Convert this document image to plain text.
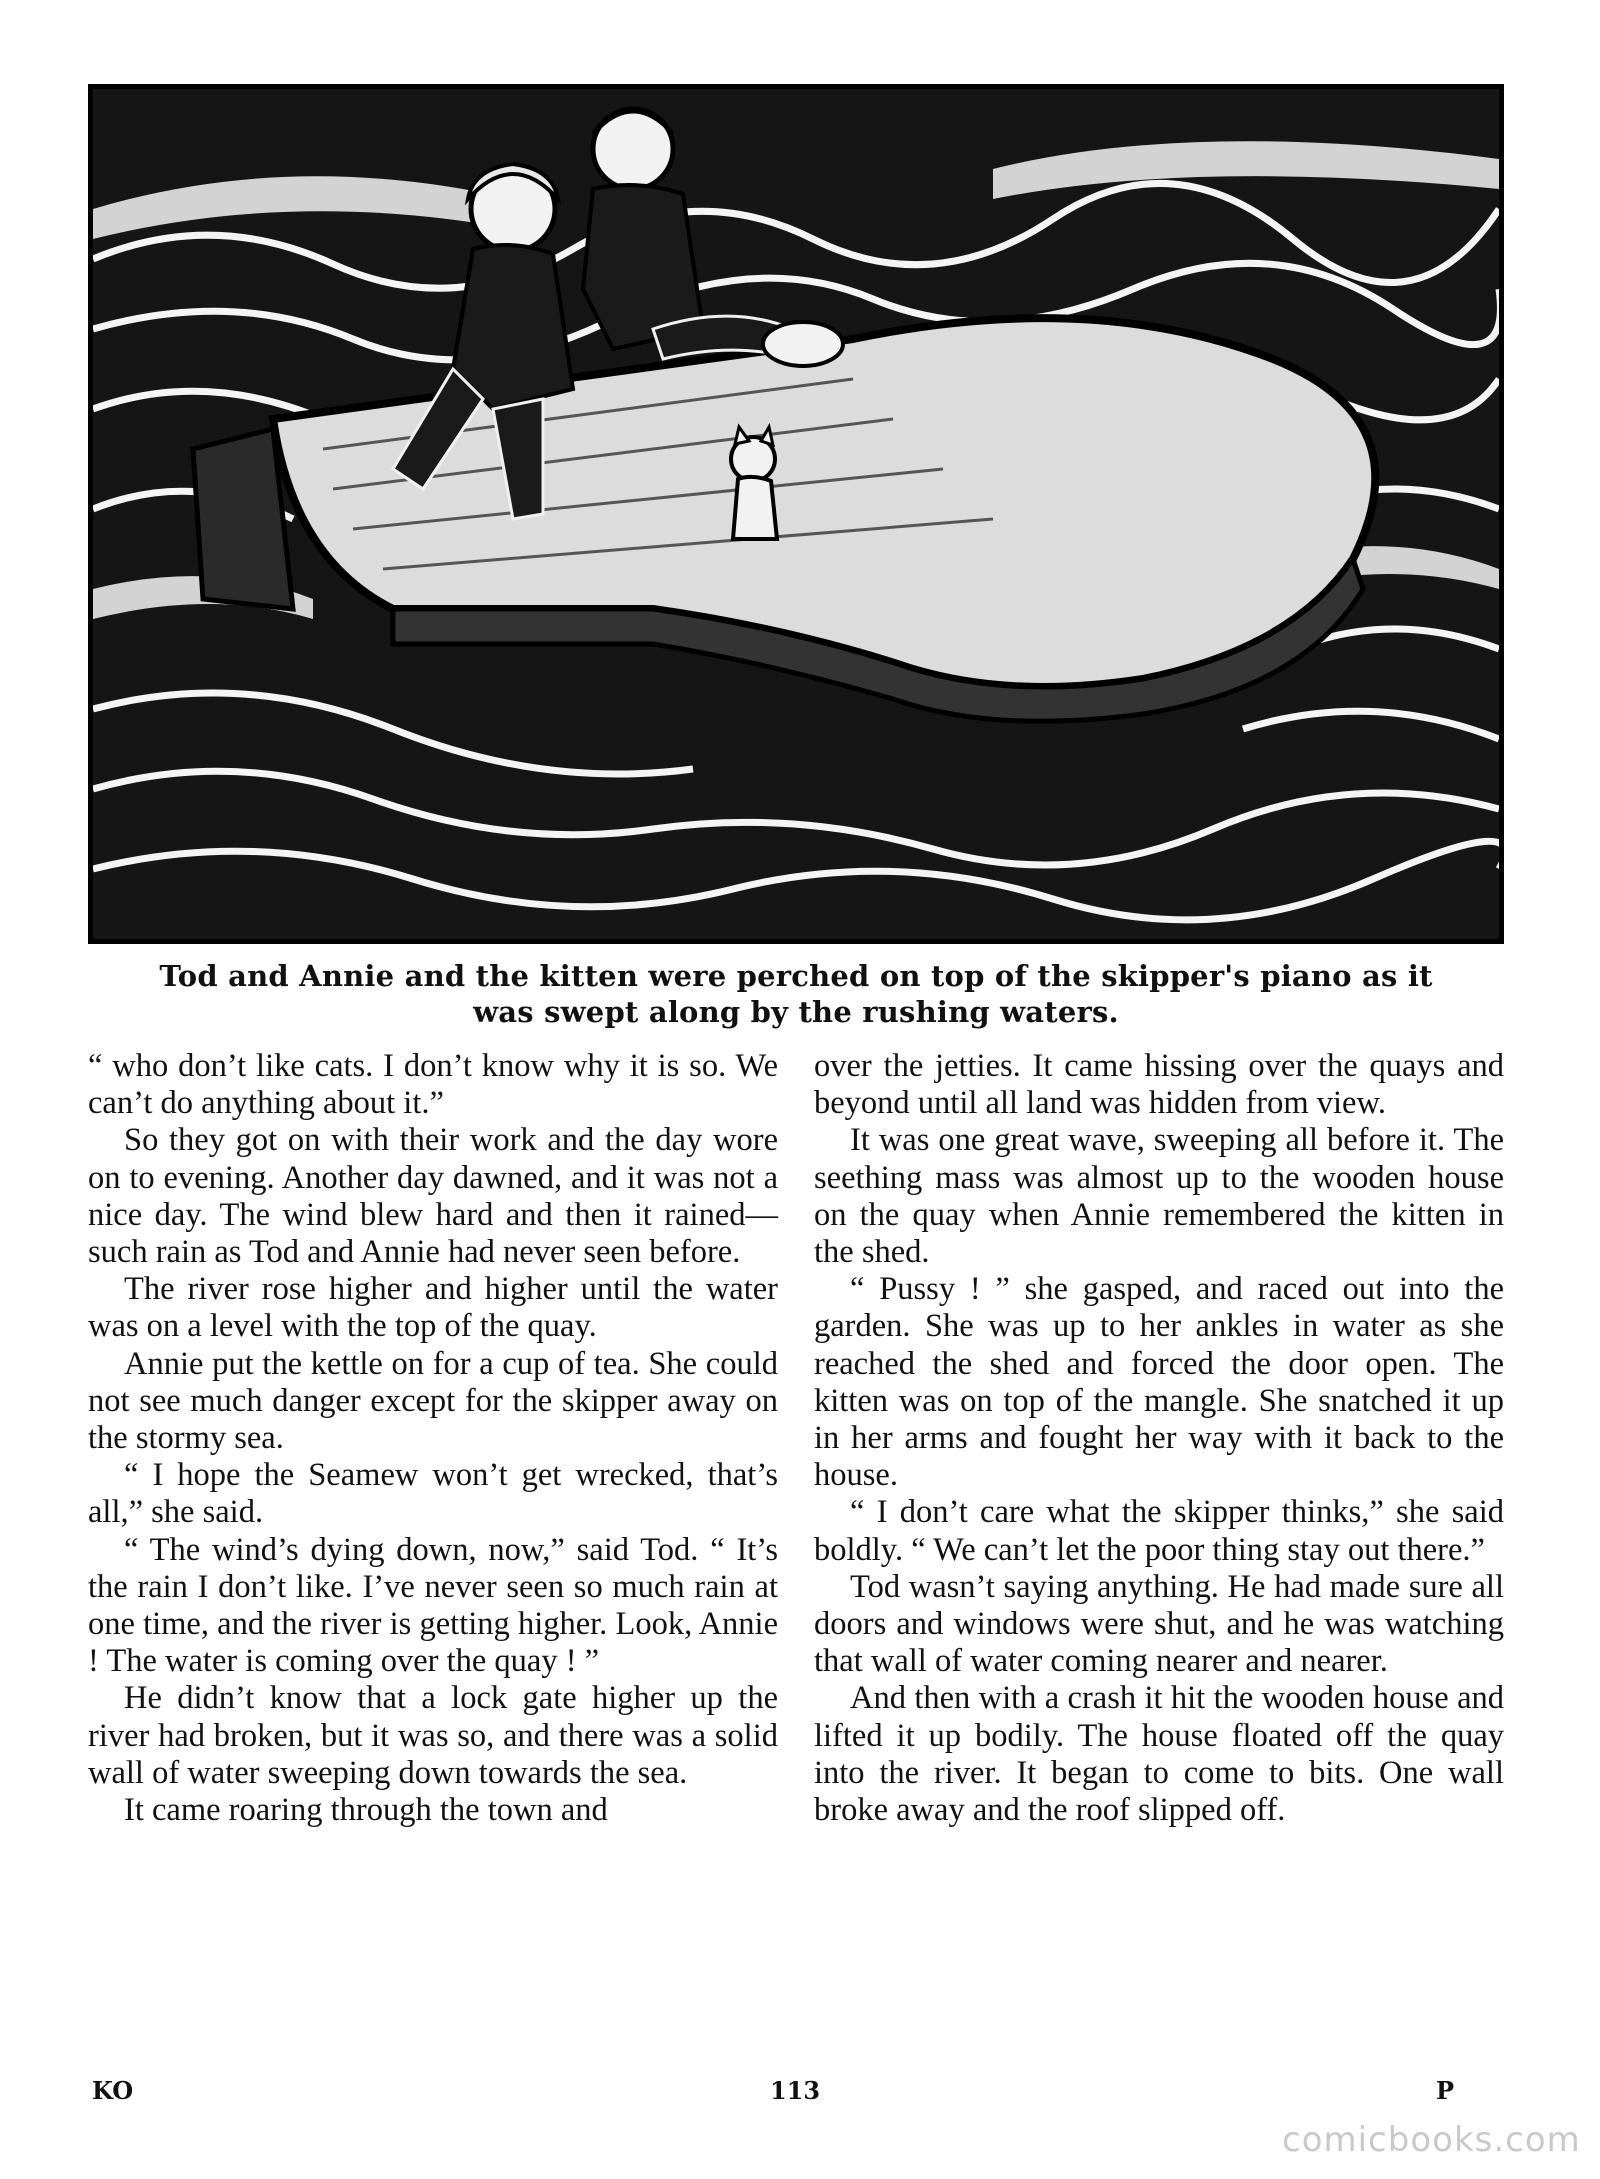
Tod and Annie and the kitten were perched on top of the skipper's piano as it
was swept along by the rushing waters.

“ who don’t like cats. I don’t know why it is so. We can’t do anything about it.”

So they got on with their work and the day wore on to evening. Another day dawned, and it was not a nice day. The wind blew hard and then it rained—such rain as Tod and Annie had never seen before.

The river rose higher and higher until the water was on a level with the top of the quay.

Annie put the kettle on for a cup of tea. She could not see much danger except for the skipper away on the stormy sea.

“ I hope the Seamew won’t get wrecked, that’s all,” she said.

“ The wind’s dying down, now,” said Tod. “ It’s the rain I don’t like. I’ve never seen so much rain at one time, and the river is getting higher. Look, Annie ! The water is coming over the quay ! ”

He didn’t know that a lock gate higher up the river had broken, but it was so, and there was a solid wall of water sweeping down towards the sea.

It came roaring through the town and

over the jetties. It came hissing over the quays and beyond until all land was hidden from view.

It was one great wave, sweeping all before it. The seething mass was almost up to the wooden house on the quay when Annie remembered the kitten in the shed.

“ Pussy ! ” she gasped, and raced out into the garden. She was up to her ankles in water as she reached the shed and forced the door open. The kitten was on top of the mangle. She snatched it up in her arms and fought her way with it back to the house.

“ I don’t care what the skipper thinks,” she said boldly. “ We can’t let the poor thing stay out there.”

Tod wasn’t saying anything. He had made sure all doors and windows were shut, and he was watching that wall of water coming nearer and nearer.

And then with a crash it hit the wooden house and lifted it up bodily. The house floated off the quay into the river. It began to come to bits. One wall broke away and the roof slipped off.

KO	113	P
comicbooks.com
